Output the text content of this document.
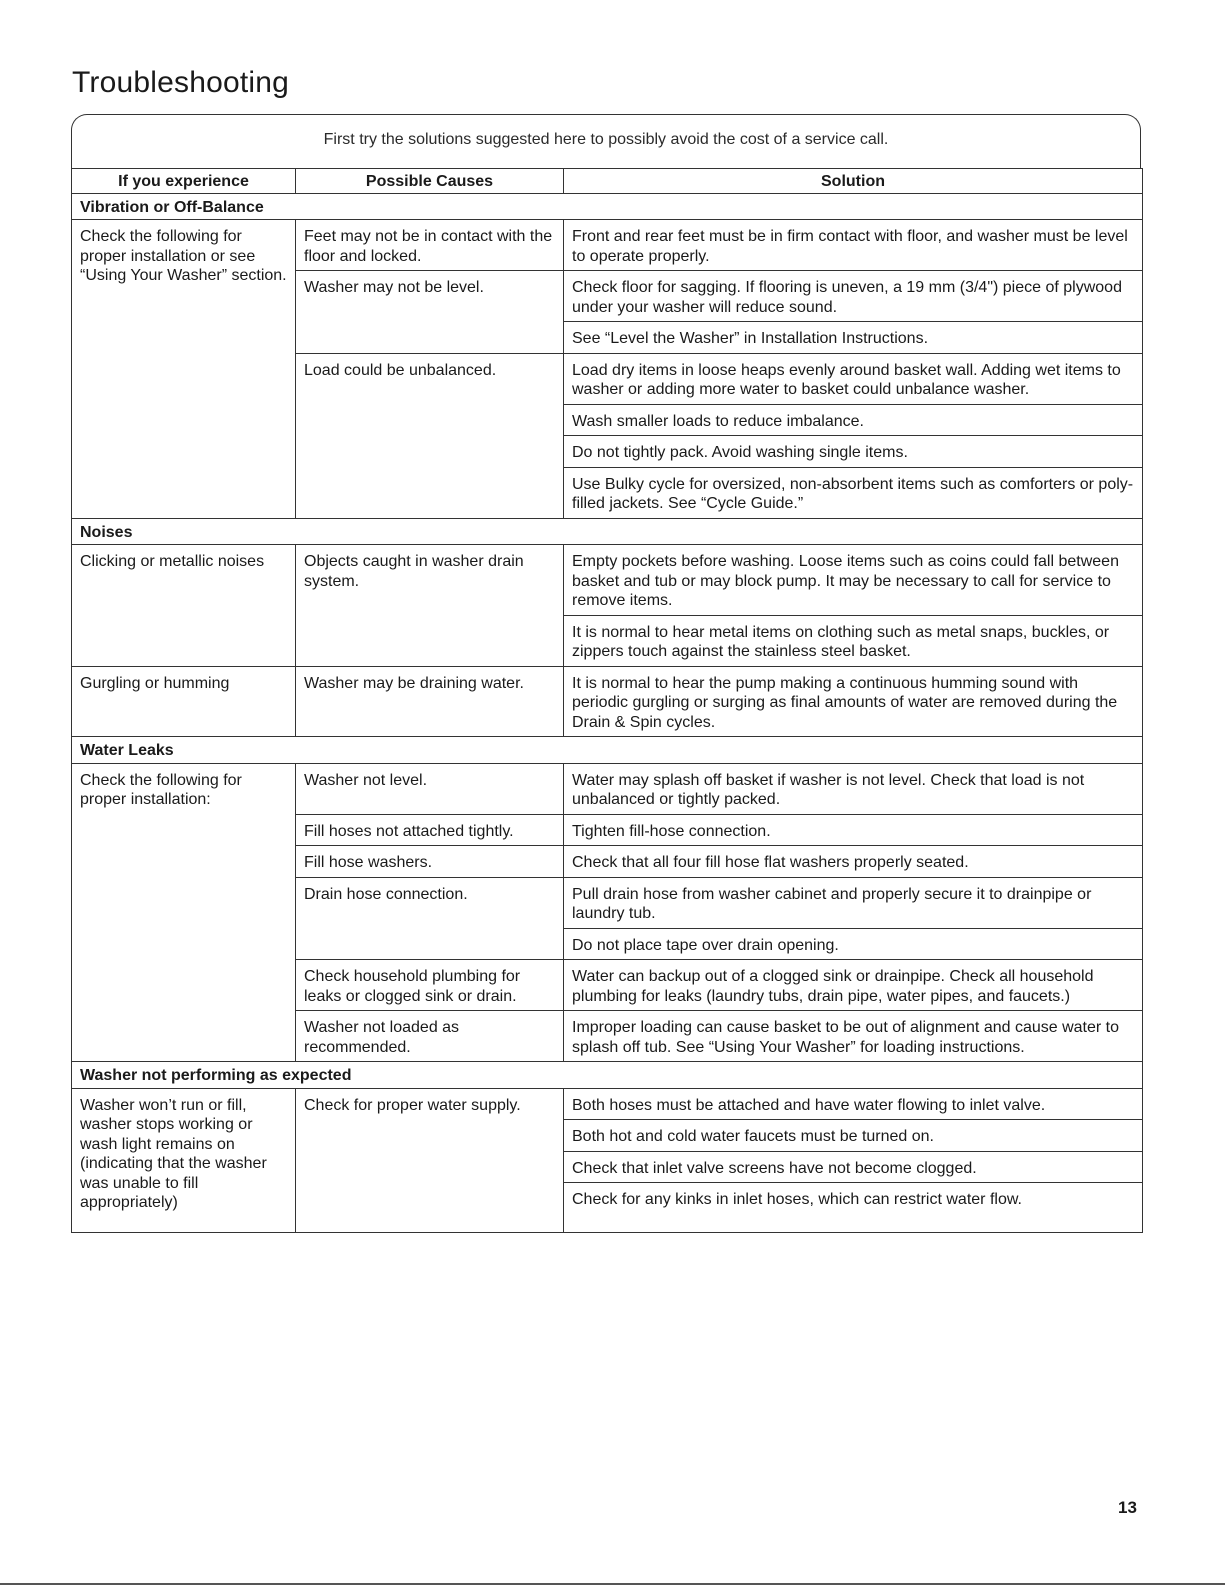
Troubleshooting
First try the solutions suggested here to possibly avoid the cost of a service call.
If you experience	Possible Causes	Solution
Vibration or Off-Balance		
Check the following for proper installation or see “Using Your Washer” section.	Feet may not be in contact with the floor and locked.	Front and rear feet must be in firm contact with floor, and washer must be level to operate properly.
	Washer may not be level.	Check floor for sagging. If flooring is uneven, a 19 mm (3/4") piece of plywood under your washer will reduce sound.
		See “Level the Washer” in Installation Instructions.
	Load could be unbalanced.	Load dry items in loose heaps evenly around basket wall. Adding wet items to washer or adding more water to basket could unbalance washer.
		Wash smaller loads to reduce imbalance.
		Do not tightly pack. Avoid washing single items.
		Use Bulky cycle for oversized, non-absorbent items such as comforters or poly-filled jackets. See “Cycle Guide.”
Noises		
Clicking or metallic noises	Objects caught in washer drain system.	Empty pockets before washing. Loose items such as coins could fall between basket and tub or may block pump. It may be necessary to call for service to remove items.
		It is normal to hear metal items on clothing such as metal snaps, buckles, or zippers touch against the stainless steel basket.
Gurgling or humming	Washer may be draining water.	It is normal to hear the pump making a continuous humming sound with periodic gurgling or surging as final amounts of water are removed during the Drain & Spin cycles.
Water Leaks		
Check the following for proper installation:	Washer not level.	Water may splash off basket if washer is not level. Check that load is not unbalanced or tightly packed.
	Fill hoses not attached tightly.	Tighten fill-hose connection.
	Fill hose washers.	Check that all four fill hose flat washers properly seated.
	Drain hose connection.	Pull drain hose from washer cabinet and properly secure it to drainpipe or laundry tub.
		Do not place tape over drain opening.
	Check household plumbing for leaks or clogged sink or drain.	Water can backup out of a clogged sink or drainpipe. Check all household plumbing for leaks (laundry tubs, drain pipe, water pipes, and faucets.)
	Washer not loaded as recommended.	Improper loading can cause basket to be out of alignment and cause water to splash off tub. See “Using Your Washer” for loading instructions.
Washer not performing as expected		
Washer won’t run or fill, washer stops working or wash light remains on (indicating that the washer was unable to fill appropriately)	Check for proper water supply.	Both hoses must be attached and have water flowing to inlet valve.
		Both hot and cold water faucets must be turned on.
		Check that inlet valve screens have not become clogged.
		Check for any kinks in inlet hoses, which can restrict water flow.
13
